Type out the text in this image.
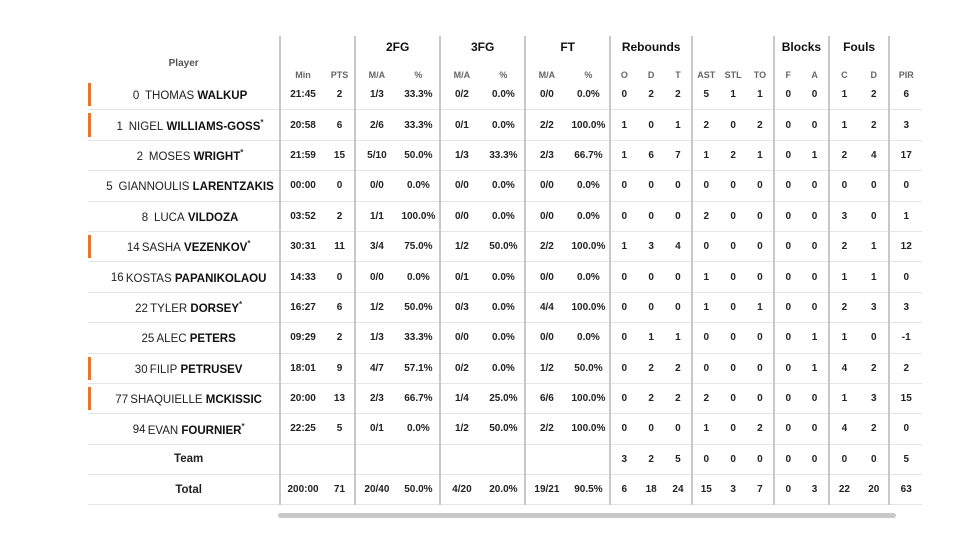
			2FG		3FG		FT		Rebounds						Blocks		Fouls		
Player	Min	PTS	M/A	%	M/A	%	M/A	%	O	D	T	AST	STL	TO	F	A	C	D	PIR

0 THOMAS WALKUP	21:45	2	1/3	33.3%	0/2	0.0%	0/0	0.0%	0	2	2	5	1	1	0	0	1	2	6

1 NIGEL WILLIAMS-GOSS*	20:58	6	2/6	33.3%	0/1	0.0%	2/2	100.0%	1	0	1	2	0	2	0	0	1	2	3
2 MOSES WRIGHT*	21:59	15	5/10	50.0%	1/3	33.3%	2/3	66.7%	1	6	7	1	2	1	0	1	2	4	17
5 GIANNOULIS LARENTZAKIS	00:00	0	0/0	0.0%	0/0	0.0%	0/0	0.0%	0	0	0	0	0	0	0	0	0	0	0
8 LUCA VILDOZA	03:52	2	1/1	100.0%	0/0	0.0%	0/0	0.0%	0	0	0	2	0	0	0	0	3	0	1

14 SASHA VEZENKOV*	30:31	11	3/4	75.0%	1/2	50.0%	2/2	100.0%	1	3	4	0	0	0	0	0	2	1	12
16 KOSTAS PAPANIKOLAOU	14:33	0	0/0	0.0%	0/1	0.0%	0/0	0.0%	0	0	0	1	0	0	0	0	1	1	0
22 TYLER DORSEY*	16:27	6	1/2	50.0%	0/3	0.0%	4/4	100.0%	0	0	0	1	0	1	0	0	2	3	3
25 ALEC PETERS	09:29	2	1/3	33.3%	0/0	0.0%	0/0	0.0%	0	1	1	0	0	0	0	1	1	0	-1

30 FILIP PETRUSEV	18:01	9	4/7	57.1%	0/2	0.0%	1/2	50.0%	0	2	2	0	0	0	0	1	4	2	2

77 SHAQUIELLE MCKISSIC	20:00	13	2/3	66.7%	1/4	25.0%	6/6	100.0%	0	2	2	2	0	0	0	0	1	3	15
94 EVAN FOURNIER*	22:25	5	0/1	0.0%	1/2	50.0%	2/2	100.0%	0	0	0	1	0	2	0	0	4	2	0
Team									3	2	5	0	0	0	0	0	0	0	5
Total	200:00	71	20/40	50.0%	4/20	20.0%	19/21	90.5%	6	18	24	15	3	7	0	3	22	20	63
